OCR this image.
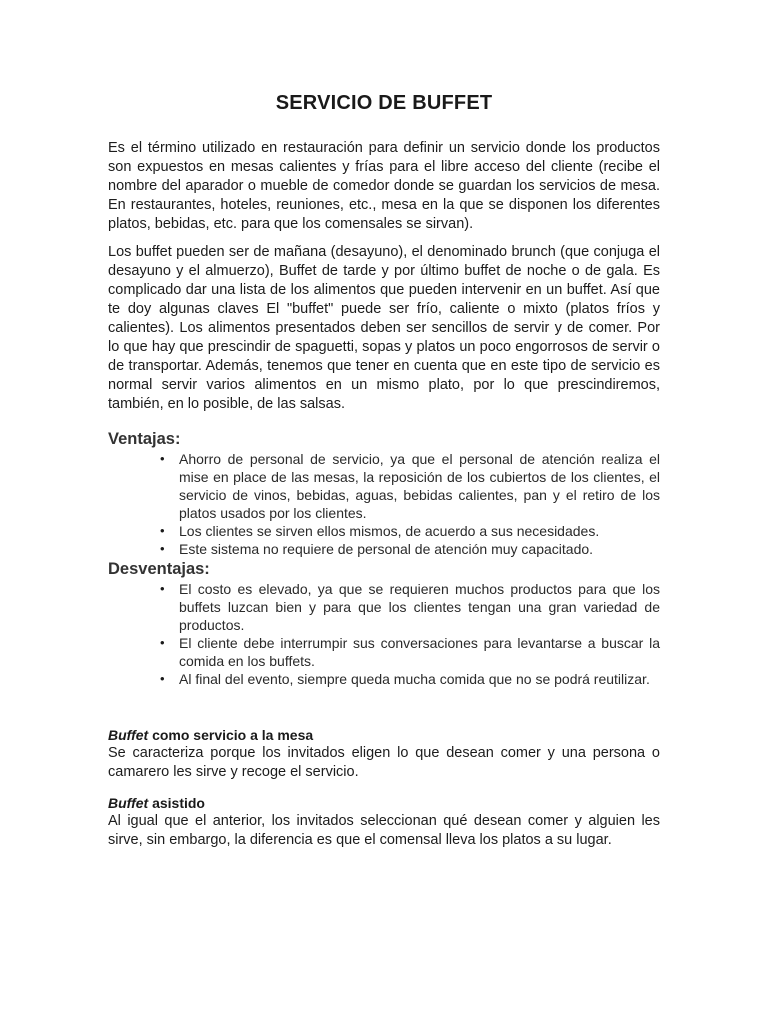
SERVICIO DE BUFFET

Es el término utilizado en restauración para definir un servicio donde los productos son expuestos en mesas calientes y frías para el libre acceso del cliente (recibe el nombre del aparador o mueble de comedor donde se guardan los servicios de mesa. En restaurantes, hoteles, reuniones, etc., mesa en la que se disponen los diferentes platos, bebidas, etc. para que los comensales se sirvan).

Los buffet pueden ser de mañana (desayuno), el denominado brunch (que conjuga el desayuno y el almuerzo), Buffet de tarde y por último buffet de noche o de gala. Es complicado dar una lista de los alimentos que pueden intervenir en un buffet. Así que te doy algunas claves El "buffet" puede ser frío, caliente o mixto (platos fríos y calientes). Los alimentos presentados deben ser sencillos de servir y de comer. Por lo que hay que prescindir de spaguetti, sopas y platos un poco engorrosos de servir o de transportar. Además, tenemos que tener en cuenta que en este tipo de servicio es normal servir varios alimentos en un mismo plato, por lo que prescindiremos, también, en lo posible, de las salsas.

Ventajas:
• Ahorro de personal de servicio, ya que el personal de atención realiza el mise en place de las mesas, la reposición de los cubiertos de los clientes, el servicio de vinos, bebidas, aguas, bebidas calientes, pan y el retiro de los platos usados por los clientes.
• Los clientes se sirven ellos mismos, de acuerdo a sus necesidades.
• Este sistema no requiere de personal de atención muy capacitado.
Desventajas:
• El costo es elevado, ya que se requieren muchos productos para que los buffets luzcan bien y para que los clientes tengan una gran variedad de productos.
• El cliente debe interrumpir sus conversaciones para levantarse a buscar la comida en los buffets.
• Al final del evento, siempre queda mucha comida que no se podrá reutilizar.
Buffet como servicio a la mesa

Se caracteriza porque los invitados eligen lo que desean comer y una persona o camarero les sirve y recoge el servicio.

Buffet asistido

Al igual que el anterior, los invitados seleccionan qué desean comer y alguien les sirve, sin embargo, la diferencia es que el comensal lleva los platos a su lugar.
